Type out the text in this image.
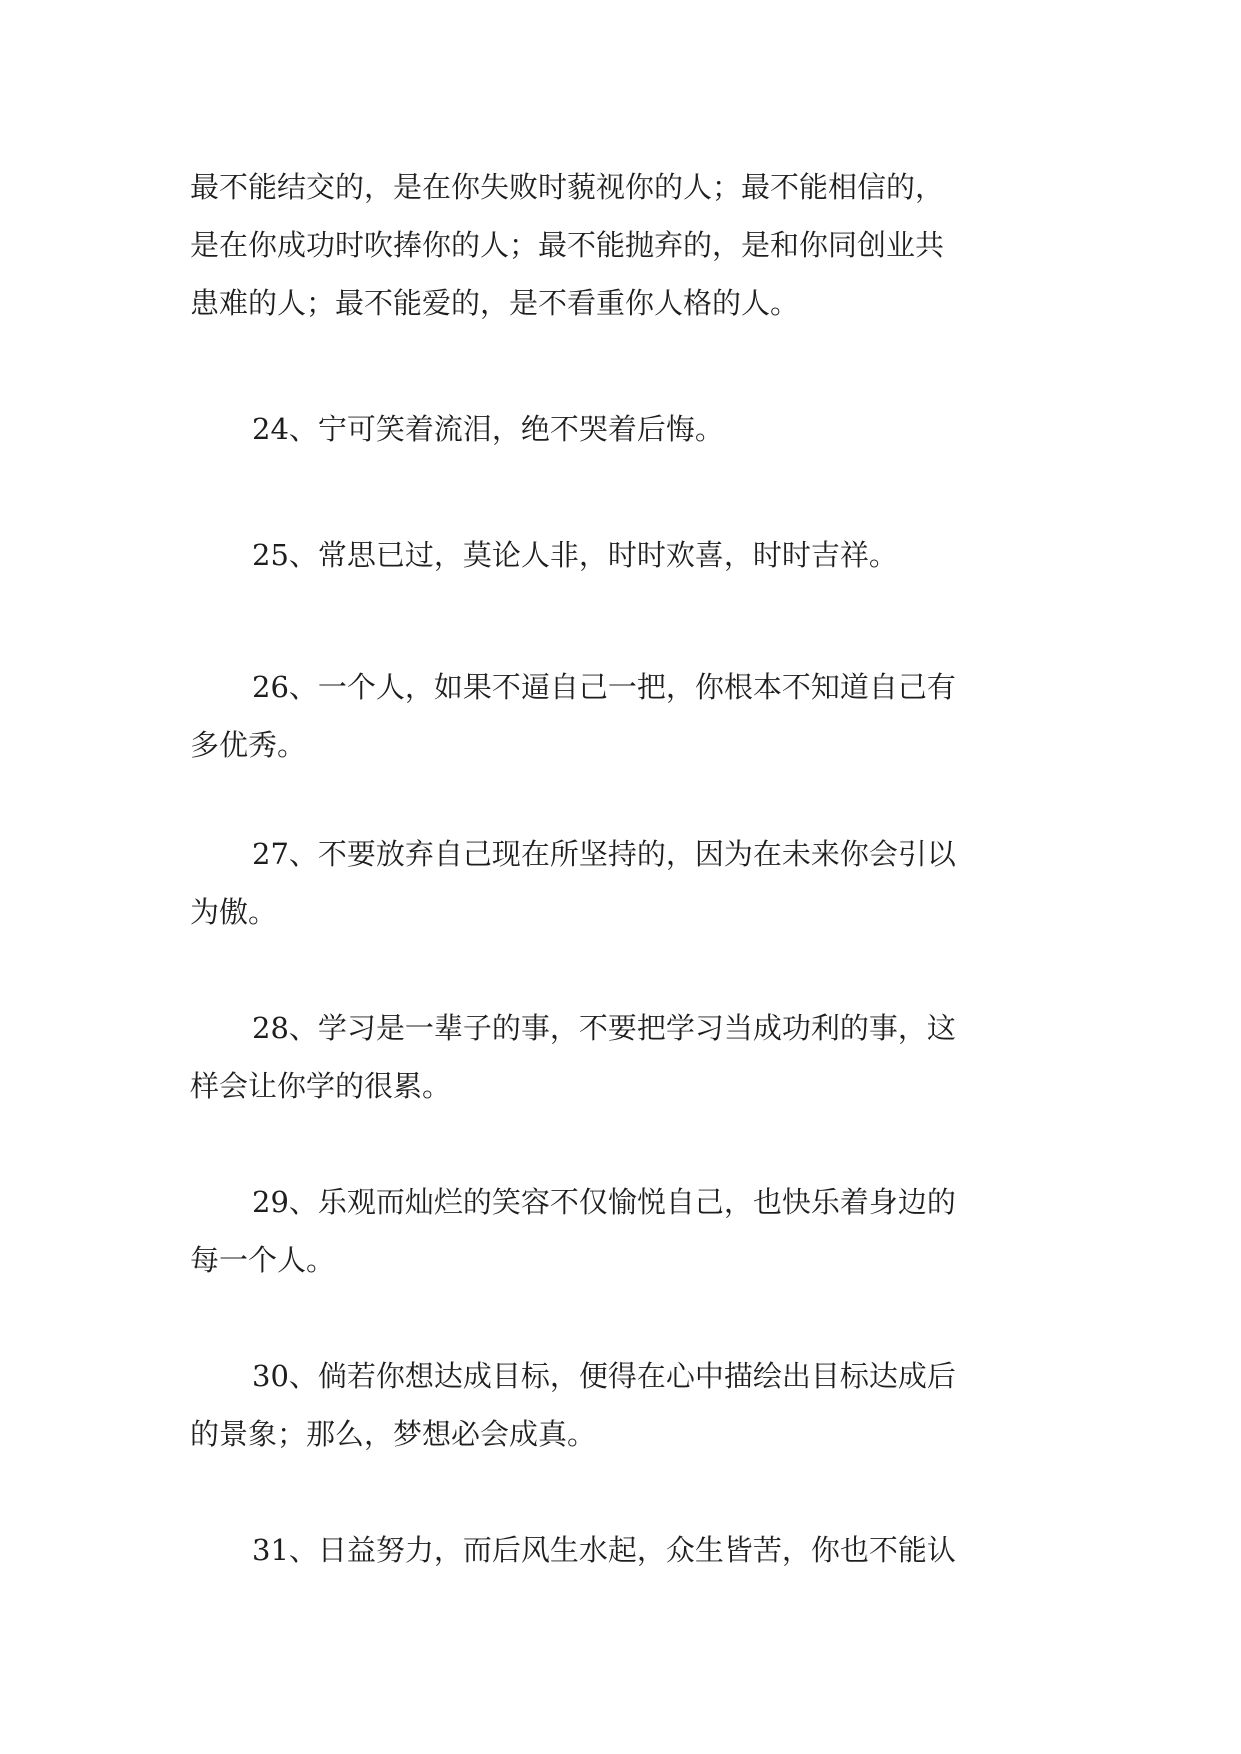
最不能结交的，是在你失败时藐视你的人；最不能相信的，
是在你成功时吹捧你的人；最不能抛弃的，是和你同创业共
患难的人；最不能爱的，是不看重你人格的人。
24、宁可笑着流泪，绝不哭着后悔。
25、常思已过，莫论人非，时时欢喜，时时吉祥。
26、一个人，如果不逼自己一把，你根本不知道自己有
多优秀。
27、不要放弃自己现在所坚持的，因为在未来你会引以
为傲。
28、学习是一辈子的事，不要把学习当成功利的事，这
样会让你学的很累。
29、乐观而灿烂的笑容不仅愉悦自己，也快乐着身边的
每一个人。
30、倘若你想达成目标，便得在心中描绘出目标达成后
的景象；那么，梦想必会成真。
31、日益努力，而后风生水起，众生皆苦，你也不能认
